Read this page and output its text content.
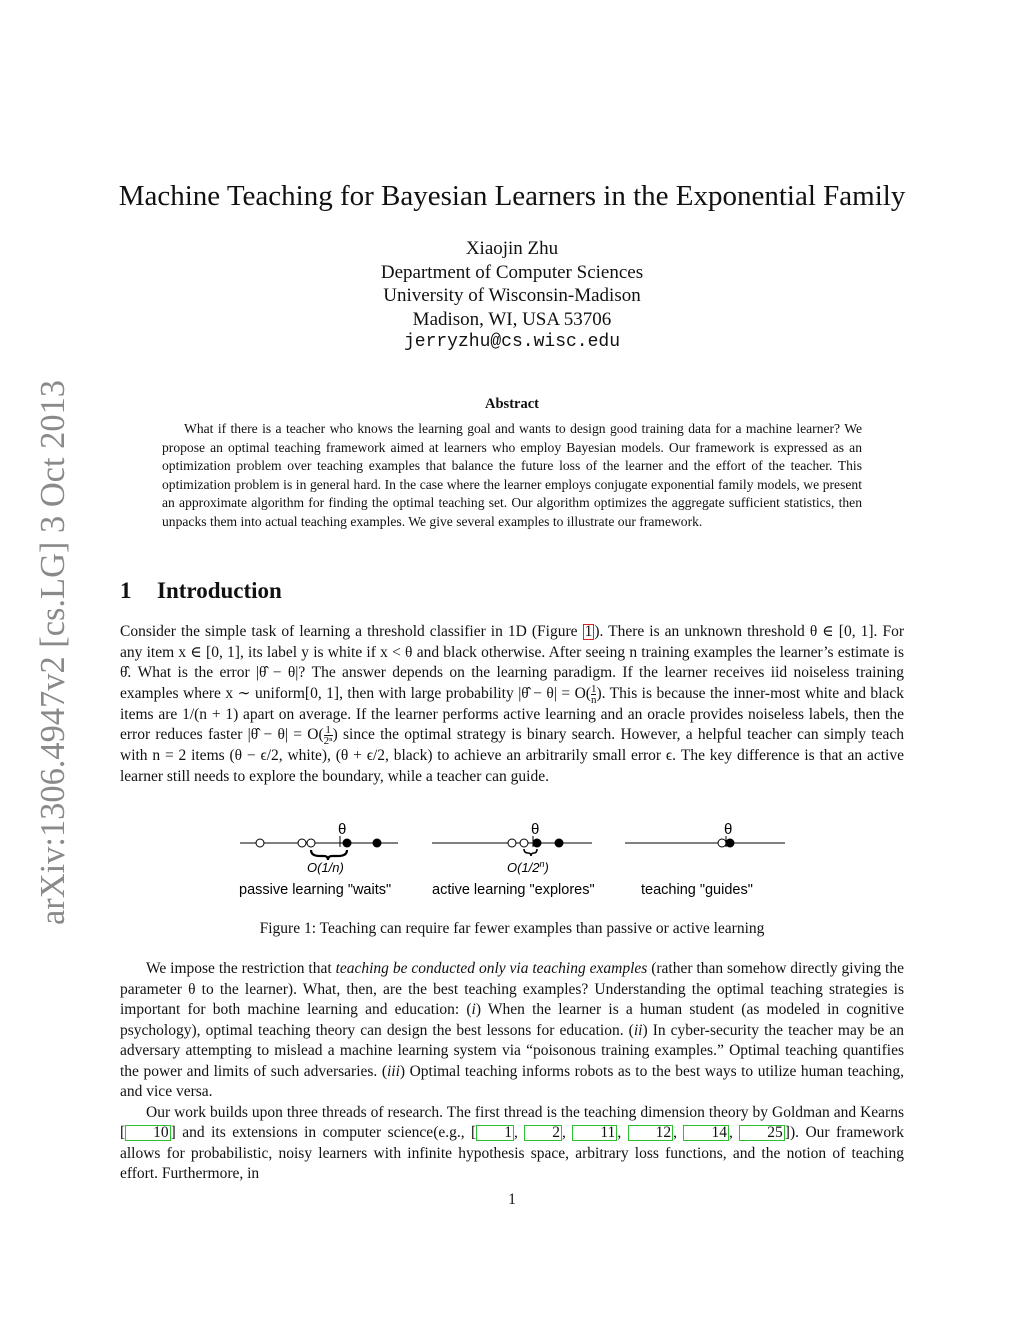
arXiv:1306.4947v2 [cs.LG] 3 Oct 2013
Machine Teaching for Bayesian Learners in the Exponential Family
Xiaojin Zhu
Department of Computer Sciences
University of Wisconsin-Madison
Madison, WI, USA 53706
jerryzhu@cs.wisc.edu
Abstract

What if there is a teacher who knows the learning goal and wants to design good training data for a machine learner? We propose an optimal teaching framework aimed at learners who employ Bayesian models. Our framework is expressed as an optimization problem over teaching examples that balance the future loss of the learner and the effort of the teacher. This optimization problem is in general hard. In the case where the learner employs conjugate exponential family models, we present an approximate algorithm for finding the optimal teaching set. Our algorithm optimizes the aggregate sufficient statistics, then unpacks them into actual teaching examples. We give several examples to illustrate our framework.

1 Introduction

Consider the simple task of learning a threshold classifier in 1D (Figure 1 ). There is an unknown threshold θ ∈ [0, 1]. For any item x ∈ [0, 1], its label y is white if x < θ and black otherwise. After seeing n training examples the learner’s estimate is θ̂. What is the error |θ̂ − θ|? The answer depends on the learning paradigm. If the learner receives iid noiseless training examples where x ∼ uniform[0, 1], then with large probability |θ̂ − $\theta| = O( \frac{1}{n}$ ). This is because the inner-most white and black items are 1/(n + 1) apart on average. If the learner performs active learning and an oracle provides noiseless labels, then the error reduces faster |θ̂ − $\theta| = O( \frac{1}{\text{2ⁿ}}$ ) since the optimal strategy is binary search. However, a helpful teacher can simply teach with n = 2 items (θ − ϵ/2, white), (θ + ϵ/2, black) to achieve an arbitrarily small error ϵ. The key difference is that an active learner still needs to explore the boundary, while a teacher can guide.

θ
O(1/n)
passive learning "waits"
θ
O(1/2$^n$)
active learning "explores"
θ
teaching "guides"
Figure 1: Teaching can require far fewer examples than passive or active learning

We impose the restriction that teaching be conducted only via teaching examples (rather than somehow directly giving the parameter θ to the learner). What, then, are the best teaching examples? Understanding the optimal teaching strategies is important for both machine learning and education: (i) When the learner is a human student (as modeled in cognitive psychology), optimal teaching theory can design the best lessons for education. (ii) In cyber-security the teacher may be an adversary attempting to mislead a machine learning system via “poisonous training examples.” Optimal teaching quantifies the power and limits of such adversaries. (iii) Optimal teaching informs robots as to the best ways to utilize human teaching, and vice versa.

Our work builds upon three threads of research. The first thread is the teaching dimension theory by Goldman and Kearns [ 10 ] and its extensions in computer science(e.g., [ 1 , 2 , 11 , 12 , 14 , 25 ]). Our framework allows for probabilistic, noisy learners with infinite hypothesis space, arbitrary loss functions, and the notion of teaching effort. Furthermore, in

1
